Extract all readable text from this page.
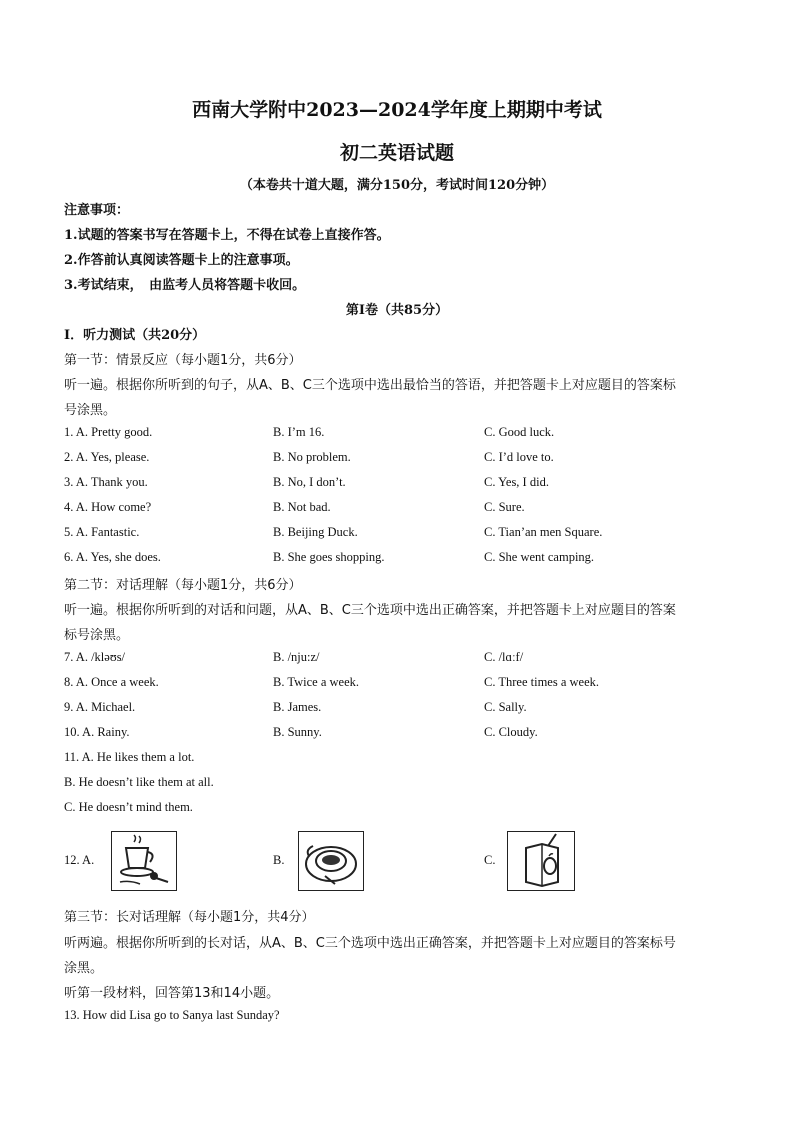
西南大学附中2023—2024学年度上期期中考试
初二英语试题
（本卷共十道大题，满分150分，考试时间120分钟）
注意事项：
1.试题的答案书写在答题卡上，不得在试卷上直接作答。
2.作答前认真阅读答题卡上的注意事项。
3.考试结束，　由监考人员将答题卡收回。
第Ⅰ卷（共85分）
Ⅰ．听力测试（共20分）
第一节：情景反应（每小题1分，共6分）
听一遍。根据你所听到的句子，从A、B、C三个选项中选出最恰当的答语，并把答题卡上对应题目的答案标
号涂黑。
1. A. Pretty good.	B. I’m 16.	C. Good luck.
2. A. Yes, please.	B. No problem.	C. I’d love to.
3. A. Thank you.	B. No, I don’t.	C. Yes, I did.
4. A. How come?	B. Not bad.	C. Sure.
5. A. Fantastic.	B. Beijing Duck.	C. Tian’an men Square.
6. A. Yes, she does.	B. She goes shopping.	C. She went camping.
第二节：对话理解（每小题1分，共6分）
听一遍。根据你所听到的对话和问题，从A、B、C三个选项中选出正确答案，并把答题卡上对应题目的答案
标号涂黑。
7. A. /kləʊs/	B. /nju:z/	C. /lɑːf/
8. A. Once a week.	B. Twice a week.	C. Three times a week.
9. A. Michael.	B. James.	C. Sally.
10. A. Rainy.	B. Sunny.	C. Cloudy.
11. A. He likes them a lot.
B. He doesn’t like them at all.
C. He doesn’t mind them.
12. A.	B.	C.
第三节：长对话理解（每小题1分，共4分）
听两遍。根据你所听到的长对话，从A、B、C三个选项中选出正确答案，并把答题卡上对应题目的答案标号
涂黑。
听第一段材料，回答第13和14小题。
13. How did Lisa go to Sanya last Sunday?
